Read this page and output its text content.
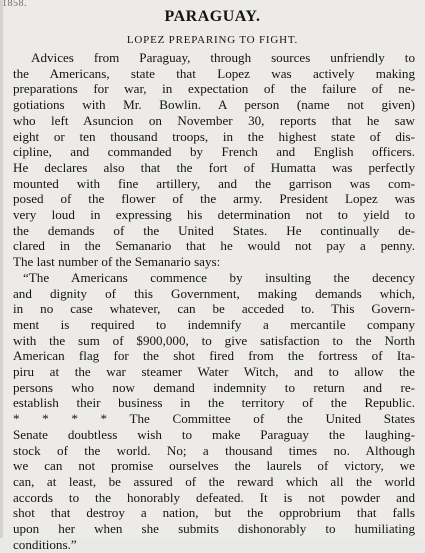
1858.
PARAGUAY.
LOPEZ PREPARING TO FIGHT.
Advices from Paraguay, through sources unfriendly to
the Americans, state that Lopez was actively making
preparations for war, in expectation of the failure of ne-
gotiations with Mr. Bowlin. A person (name not given)
who left Asuncion on November 30, reports that he saw
eight or ten thousand troops, in the highest state of dis-
cipline, and commanded by French and English officers.
He declares also that the fort of Humatta was perfectly
mounted with fine artillery, and the garrison was com-
posed of the flower of the army. President Lopez was
very loud in expressing his determination not to yield to
the demands of the United States. He continually de-
clared in the Semanario that he would not pay a penny.
The last number of the Semanario says:
“The Americans commence by insulting the decency
and dignity of this Government, making demands which,
in no case whatever, can be acceded to. This Govern-
ment is required to indemnify a mercantile company
with the sum of $900,000, to give satisfaction to the North
American flag for the shot fired from the fortress of Ita-
piru at the war steamer Water Witch, and to allow the
persons who now demand indemnity to return and re-
establish their business in the territory of the Republic.
* * * * The Committee of the United States
Senate doubtless wish to make Paraguay the laughing-
stock of the world. No; a thousand times no. Although
we can not promise ourselves the laurels of victory, we
can, at least, be assured of the reward which all the world
accords to the honorably defeated. It is not powder and
shot that destroy a nation, but the opprobrium that falls
upon her when she submits dishonorably to humiliating
conditions.”
